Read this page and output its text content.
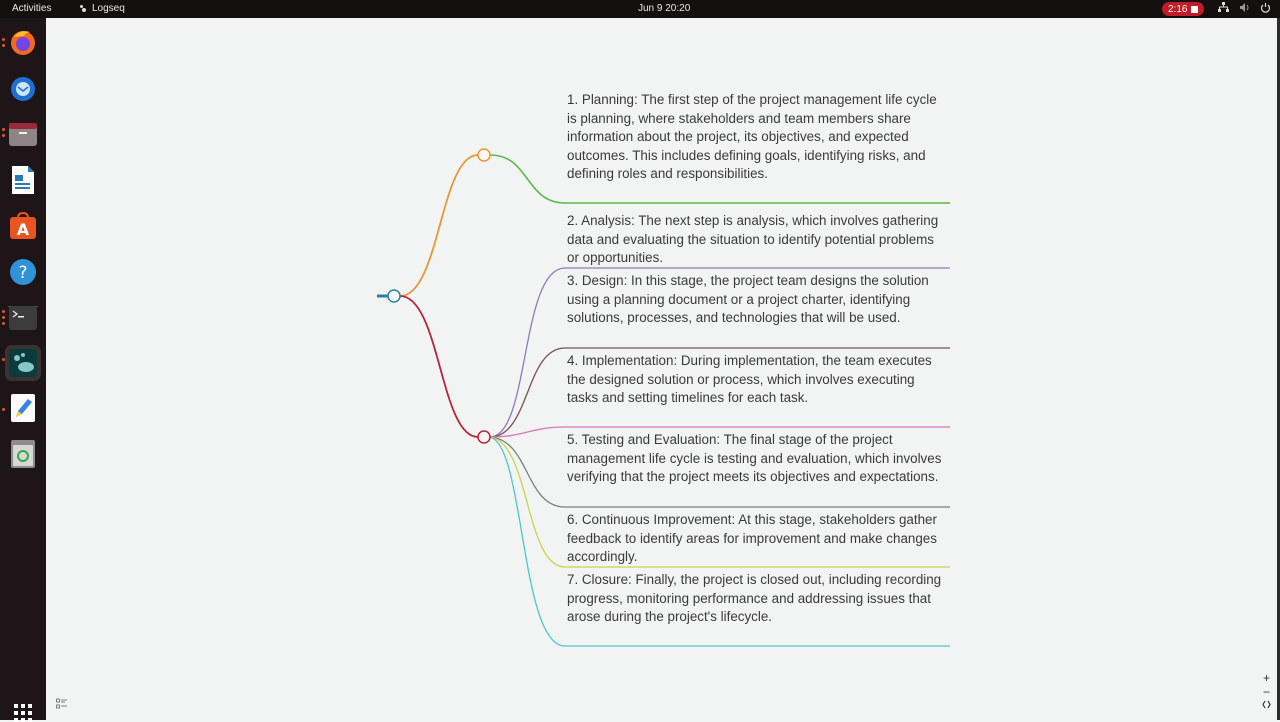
Activities	Logseq	Jun 9 20:20	2:16
A
?
1. Planning: The first step of the project management life cycle is planning, where stakeholders and team members share information about the project, its objectives, and expected outcomes. This includes defining goals, identifying risks, and defining roles and responsibilities.
2. Analysis: The next step is analysis, which involves gathering data and evaluating the situation to identify potential problems or opportunities.
3. Design: In this stage, the project team designs the solution using a planning document or a project charter, identifying solutions, processes, and technologies that will be used.
4. Implementation: During implementation, the team executes the designed solution or process, which involves executing tasks and setting timelines for each task.
5. Testing and Evaluation: The final stage of the project management life cycle is testing and evaluation, which involves verifying that the project meets its objectives and expectations.
6. Continuous Improvement: At this stage, stakeholders gather feedback to identify areas for improvement and make changes accordingly.
7. Closure: Finally, the project is closed out, including recording progress, monitoring performance and addressing issues that arose during the project's lifecycle.
+
−
